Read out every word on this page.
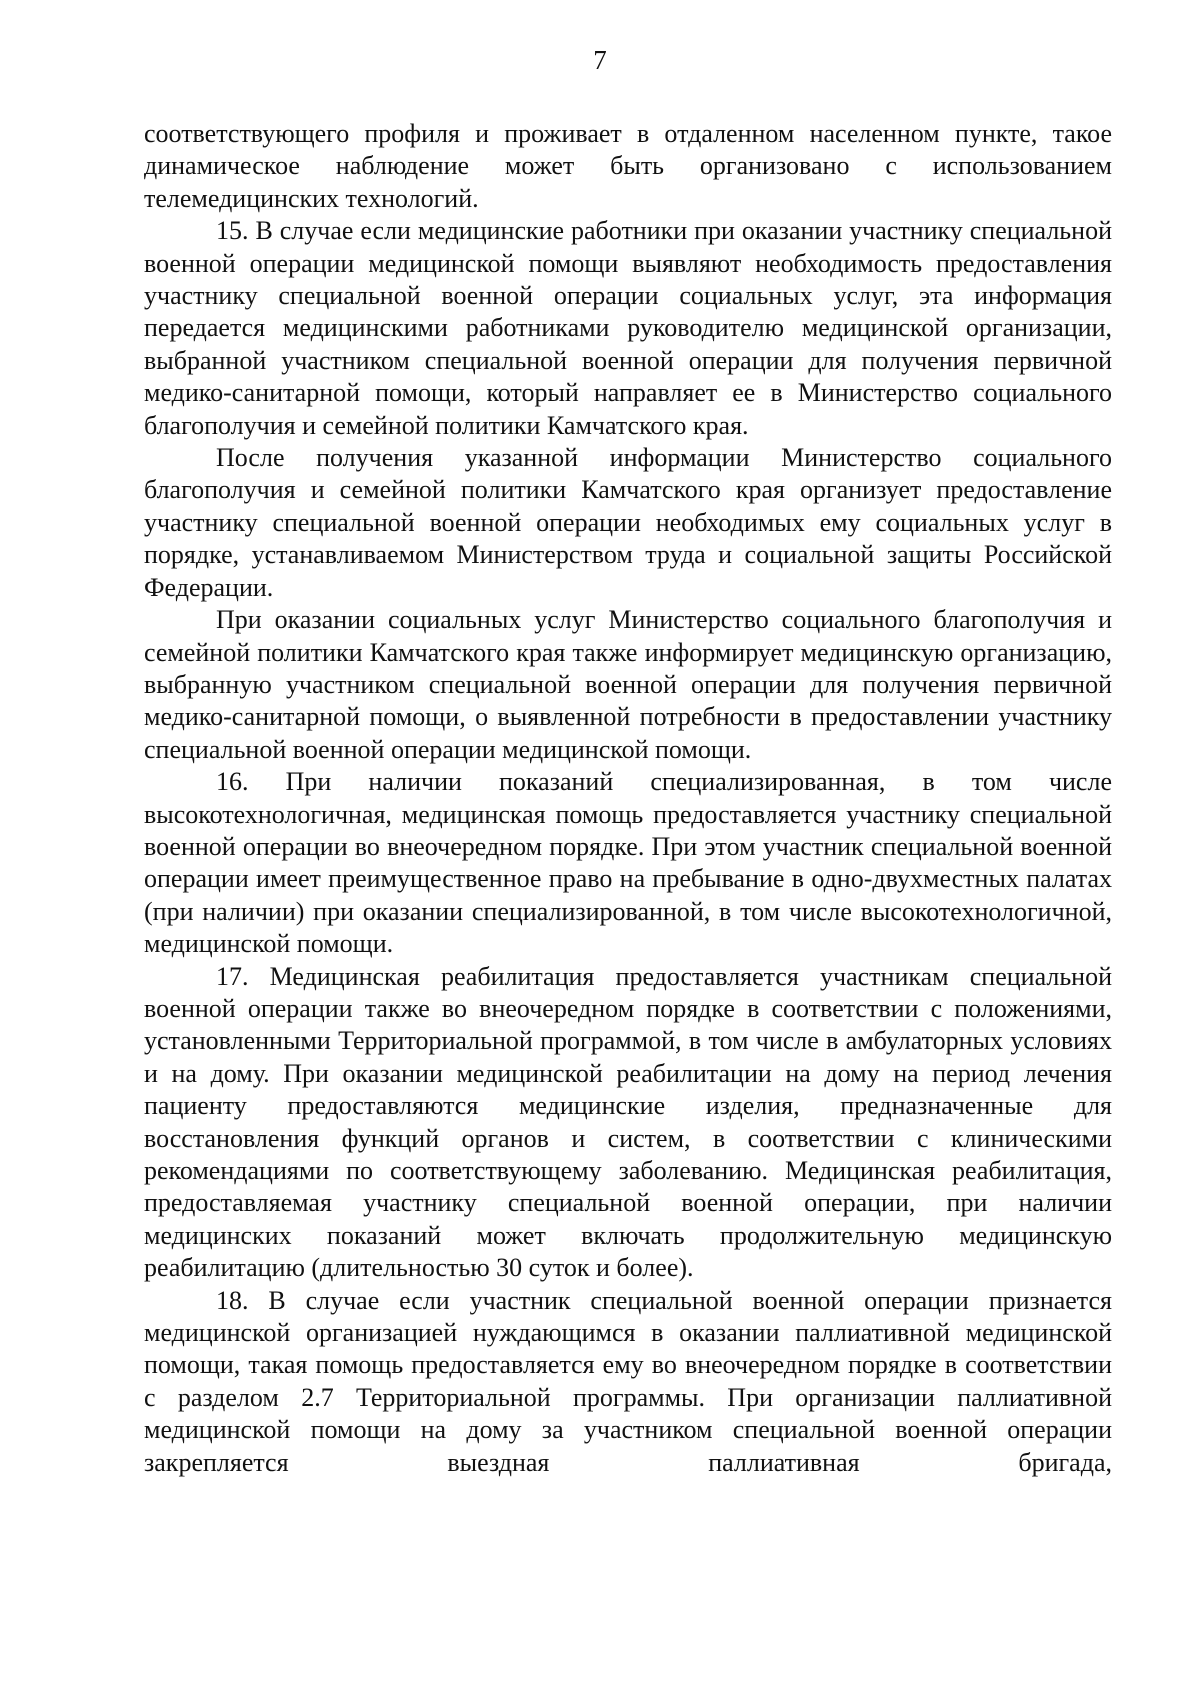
7

соответствующего профиля и проживает в отдаленном населенном пункте, такое динамическое наблюдение может быть организовано с использованием телемедицинских технологий.

15. В случае если медицинские работники при оказании участнику специальной военной операции медицинской помощи выявляют необходимость предоставления участнику специальной военной операции социальных услуг, эта информация передается медицинскими работниками руководителю медицинской организации, выбранной участником специальной военной операции для получения первичной медико-санитарной помощи, который направляет ее в Министерство социального благополучия и семейной политики Камчатского края.

После получения указанной информации Министерство социального благополучия и семейной политики Камчатского края организует предоставление участнику специальной военной операции необходимых ему социальных услуг в порядке, устанавливаемом Министерством труда и социальной защиты Российской Федерации.

При оказании социальных услуг Министерство социального благополучия и семейной политики Камчатского края также информирует медицинскую организацию, выбранную участником специальной военной операции для получения первичной медико-санитарной помощи, о выявленной потребности в предоставлении участнику специальной военной операции медицинской помощи.

16. При наличии показаний специализированная, в том числе высокотехнологичная, медицинская помощь предоставляется участнику специальной военной операции во внеочередном порядке. При этом участник специальной военной операции имеет преимущественное право на пребывание в одно-двухместных палатах (при наличии) при оказании специализированной, в том числе высокотехнологичной, медицинской помощи.

17. Медицинская реабилитация предоставляется участникам специальной военной операции также во внеочередном порядке в соответствии с положениями, установленными Территориальной программой, в том числе в амбулаторных условиях и на дому. При оказании медицинской реабилитации на дому на период лечения пациенту предоставляются медицинские изделия, предназначенные для восстановления функций органов и систем, в соответствии с клиническими рекомендациями по соответствующему заболеванию. Медицинская реабилитация, предоставляемая участнику специальной военной операции, при наличии медицинских показаний может включать продолжительную медицинскую реабилитацию (длительностью 30 суток и более).

18. В случае если участник специальной военной операции признается медицинской организацией нуждающимся в оказании паллиативной медицинской помощи, такая помощь предоставляется ему во внеочередном порядке в соответствии с разделом 2.7 Территориальной программы. При организации паллиативной медицинской помощи на дому за участником специальной военной операции закрепляется выездная паллиативная бригада,
